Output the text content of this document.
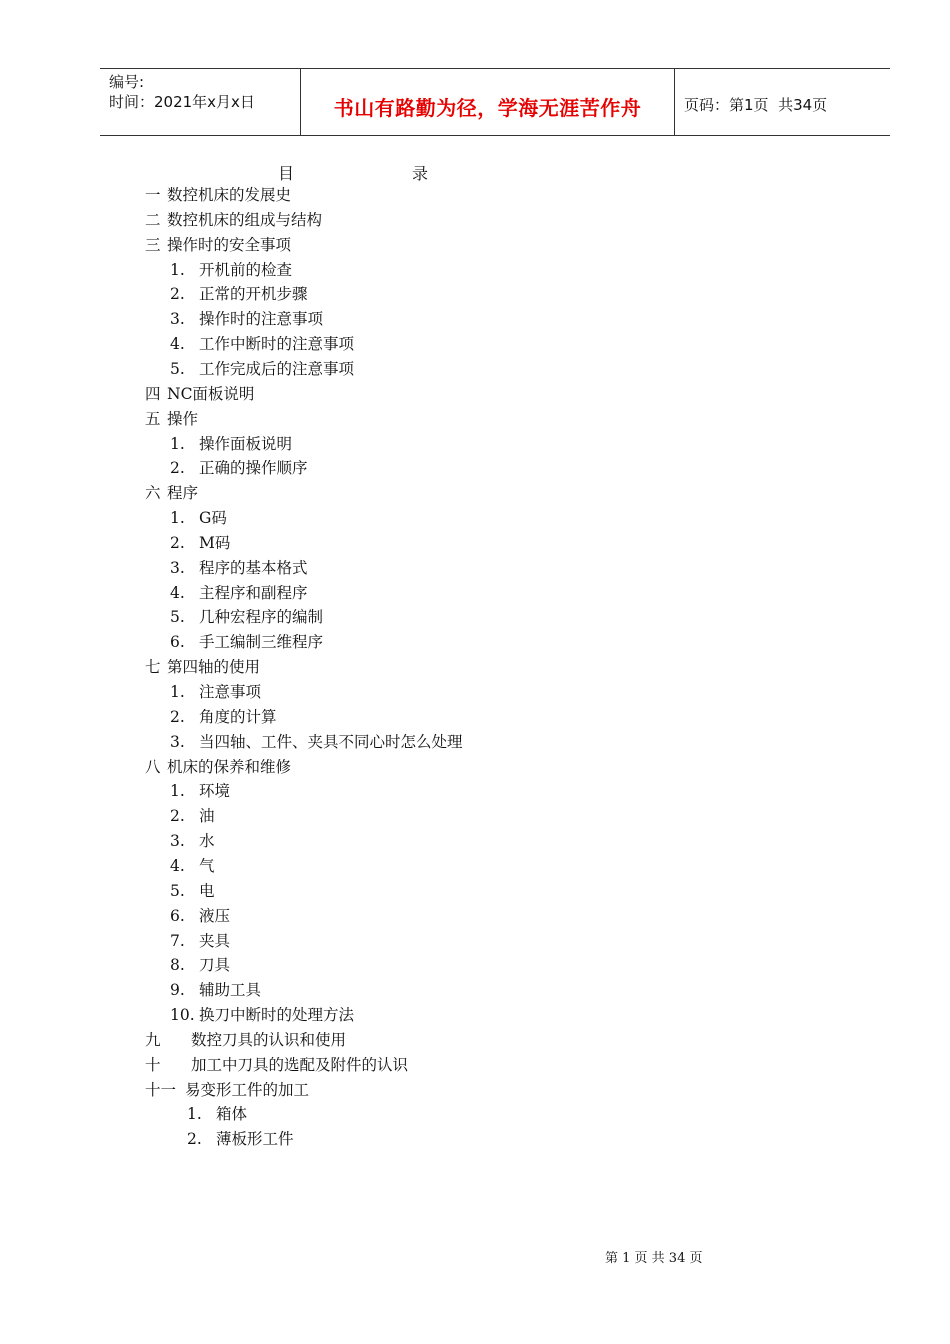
编号:
时间：2021年x月x日	书山有路勤为径，学海无涯苦作舟	页码：第1页  共34页
目	录
一 数控机床的发展史
二 数控机床的组成与结构
三 操作时的安全事项
1. 开机前的检查
2. 正常的开机步骤
3. 操作时的注意事项
4. 工作中断时的注意事项
5. 工作完成后的注意事项
四 NC面板说明
五 操作
1. 操作面板说明
2. 正确的操作顺序
六 程序
1. G码
2. M码
3. 程序的基本格式
4. 主程序和副程序
5. 几种宏程序的编制
6. 手工编制三维程序
七 第四轴的使用
1. 注意事项
2. 角度的计算
3. 当四轴、工件、夹具不同心时怎么处理
八 机床的保养和维修
1. 环境
2. 油
3. 水
4. 气
5. 电
6. 液压
7. 夹具
8. 刀具
9. 辅助工具
10. 换刀中断时的处理方法
九 数控刀具的认识和使用
十 加工中刀具的选配及附件的认识
十一 易变形工件的加工
1. 箱体
2. 薄板形工件
第 1 页 共 34 页
